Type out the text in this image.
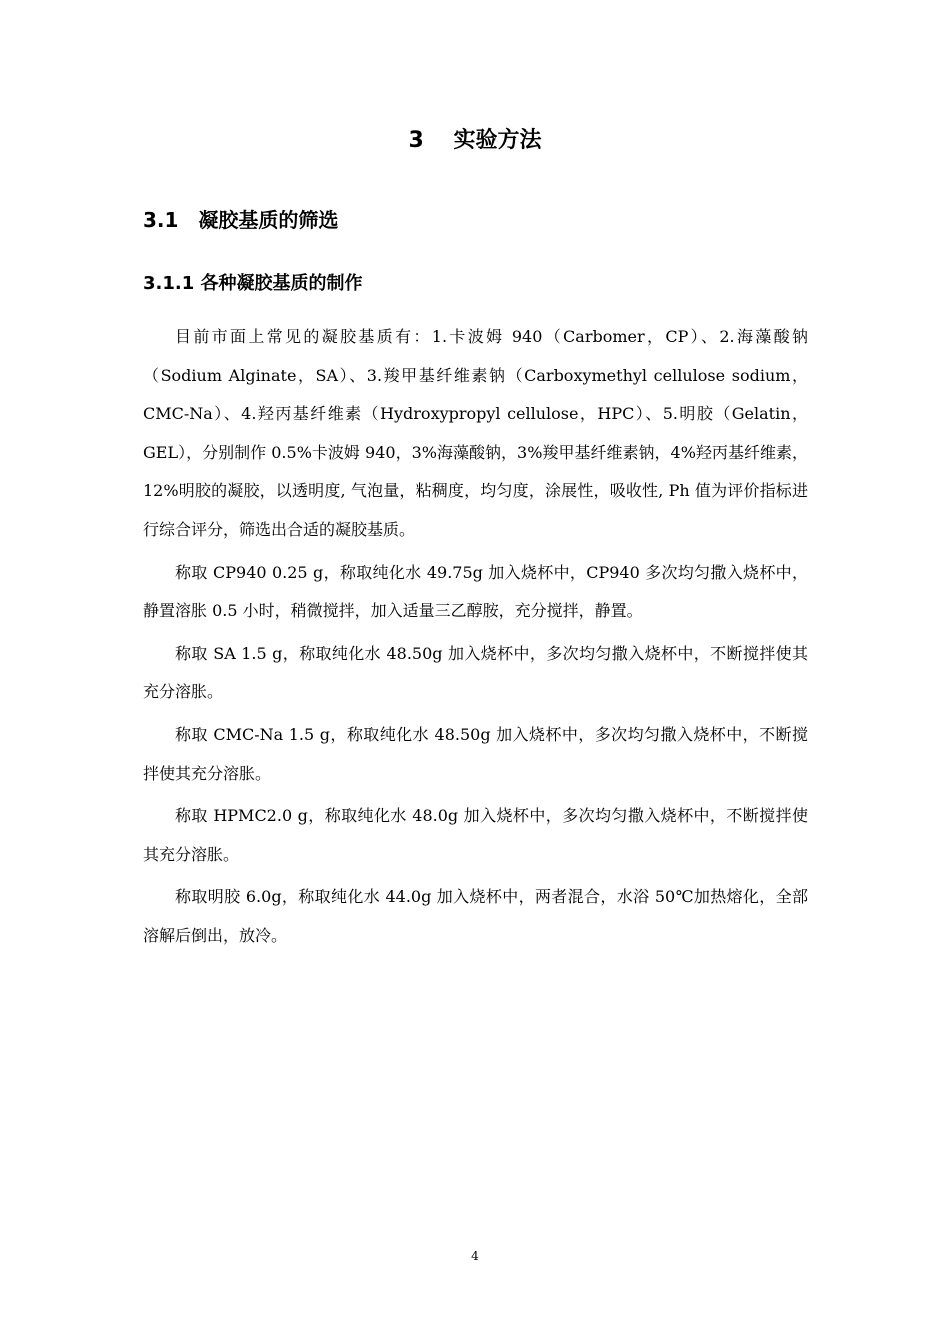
3　 实验方法
3.1　凝胶基质的筛选
3.1.1 各种凝胶基质的制作

目前市面上常见的凝胶基质有：1.卡波姆 940（Carbomer，CP）、2.海藻酸钠（Sodium Alginate，SA）、3.羧甲基纤维素钠（Carboxymethyl cellulose sodium，CMC-Na）、4.羟丙基纤维素（Hydroxypropyl cellulose，HPC）、5.明胶（Gelatin，GEL），分别制作 0.5%卡波姆 940，3%海藻酸钠，3%羧甲基纤维素钠，4%羟丙基纤维素，12%明胶的凝胶，以透明度, 气泡量，粘稠度，均匀度，涂展性，吸收性, Ph 值为评价指标进行综合评分，筛选出合适的凝胶基质。

称取 CP940 0.25 g，称取纯化水 49.75g 加入烧杯中，CP940 多次均匀撒入烧杯中，静置溶胀 0.5 小时，稍微搅拌，加入适量三乙醇胺，充分搅拌，静置。

称取 SA 1.5 g，称取纯化水 48.50g 加入烧杯中，多次均匀撒入烧杯中，不断搅拌使其充分溶胀。

称取 CMC-Na 1.5 g，称取纯化水 48.50g 加入烧杯中，多次均匀撒入烧杯中，不断搅拌使其充分溶胀。

称取 HPMC2.0 g，称取纯化水 48.0g 加入烧杯中，多次均匀撒入烧杯中，不断搅拌使其充分溶胀。

称取明胶 6.0g，称取纯化水 44.0g 加入烧杯中，两者混合，水浴 50℃加热熔化，全部溶解后倒出，放冷。

4
